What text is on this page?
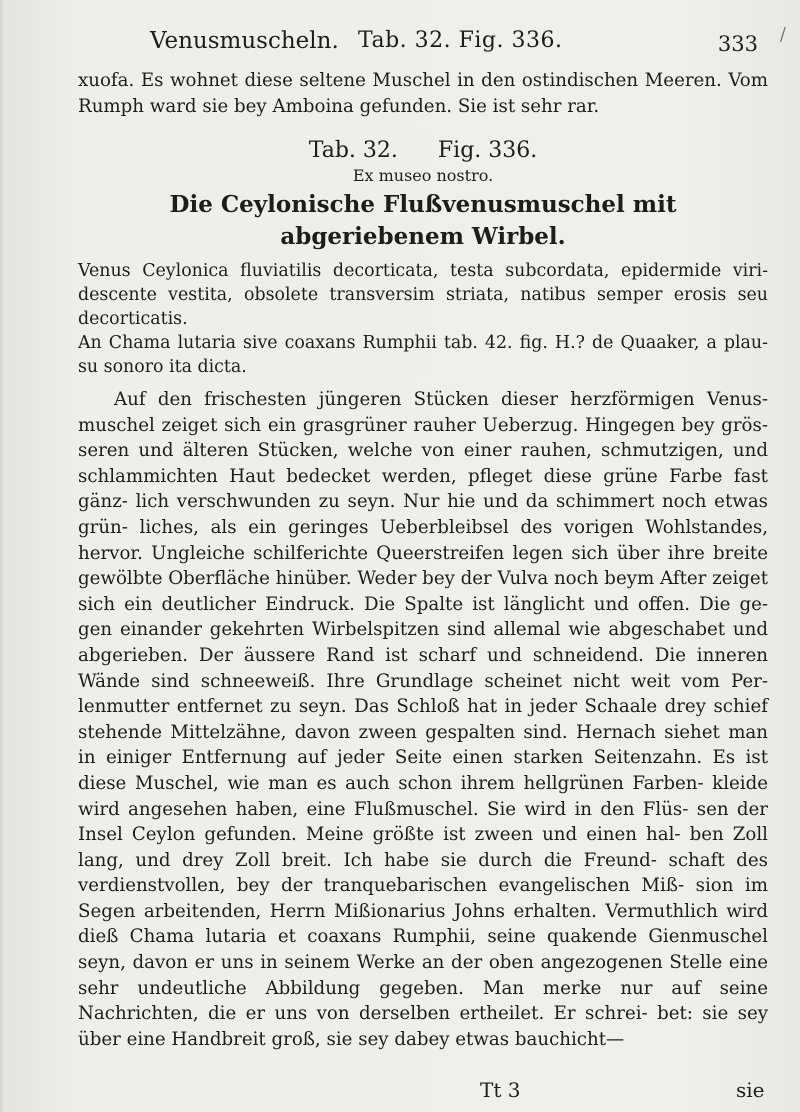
Venusmuscheln. Tab. 32. Fig. 336.	333 /

xuofa. Es wohnet diese seltene Muschel in den ostindischen Meeren. Vom Rumph ward sie bey Amboina gefunden. Sie ist sehr rar.

Tab. 32. Fig. 336.
Ex musео nostro.
Die Ceylonische Flußvenusmuschel mit abgeriebenem Wirbel.

Venus Ceylonica fluviatilis decorticata, testa subcordata, epidermide viri- descente vestita, obsolete transversim striata, natibus semper erosis seu decorticatis.

An Chama lutaria sive coaxans Rumphii tab. 42. fig. H.? de Quaaker, a plau- su sonoro ita dicta.

Auf den frischesten jüngeren Stücken dieser herzförmigen Venus- muschel zeiget sich ein grasgrüner rauher Ueberzug. Hingegen bey grös- seren und älteren Stücken, welche von einer rauhen, schmutzigen, und schlammichten Haut bedecket werden, pfleget diese grüne Farbe fast gänz- lich verschwunden zu seyn. Nur hie und da schimmert noch etwas grün- liches, als ein geringes Ueberbleibsel des vorigen Wohlstandes, hervor. Ungleiche schilferichte Queerstreifen legen sich über ihre breite gewölbte Oberfläche hinüber. Weder bey der Vulva noch beym After zeiget sich ein deutlicher Eindruck. Die Spalte ist länglicht und offen. Die ge- gen einander gekehrten Wirbelspitzen sind allemal wie abgeschabet und abgerieben. Der äussere Rand ist scharf und schneidend. Die inneren Wände sind schneeweiß. Ihre Grundlage scheinet nicht weit vom Per- lenmutter entfernet zu seyn. Das Schloß hat in jeder Schaale drey schief stehende Mittelzähne, davon zween gespalten sind. Hernach siehet man in einiger Entfernung auf jeder Seite einen starken Seitenzahn. Es ist diese Muschel, wie man es auch schon ihrem hellgrünen Farben- kleide wird angesehen haben, eine Flußmuschel. Sie wird in den Flüs- sen der Insel Ceylon gefunden. Meine größte ist zween und einen hal- ben Zoll lang, und drey Zoll breit. Ich habe sie durch die Freund- schaft des verdienstvollen, bey der tranquebarischen evangelischen Miß- sion im Segen arbeitenden, Herrn Mißionarius Johns erhalten. Vermuthlich wird dieß Chama lutaria et coaxans Rumphii, seine quakende Gienmuschel seyn, davon er uns in seinem Werke an der oben angezogenen Stelle eine sehr undeutliche Abbildung gegeben. Man merke nur auf seine Nachrichten, die er uns von derselben ertheilet. Er schrei- bet: sie sey über eine Handbreit groß, sie sey dabey etwas bauchicht—

Tt 3	sie
